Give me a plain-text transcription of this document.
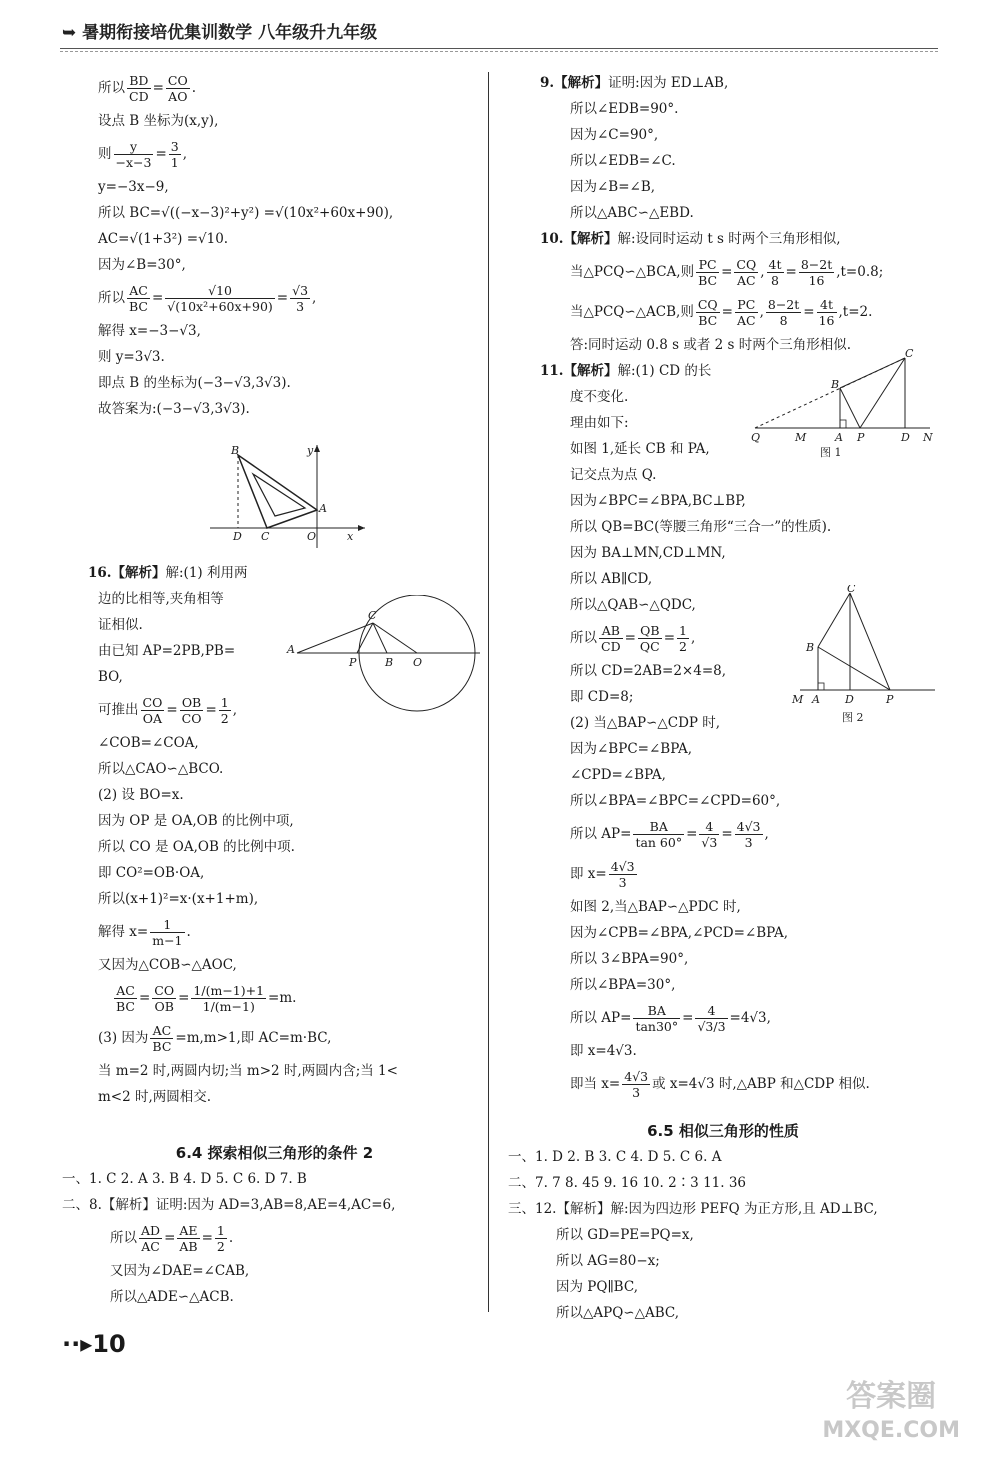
➥ 暑期衔接培优集训数学 八年级升九年级

所以 $\frac{BD}{CD} = \frac{CO}{AO}$ .

设点 B 坐标为(x,y),

则 $\frac{y}{-x-3} = \frac{3}{1}$ ,

y=−3x−9,

所以 BC=√((−x−3)²+y²) =√(10x²+60x+90),

AC=√(1+3²) =√10.

因为∠B=30°,

所以 $\frac{AC}{BC} = \frac{√10}{\text{√(10x²+60x+90)}} = \frac{√3}{3}$ ,

解得 x=−3−√3,

则 y=3√3.

即点 B 的坐标为(−3−√3,3√3).

故答案为:(−3−√3,3√3).

B	y
D C
A
O	x

16.【解析】解:(1) 利用两

边的比相等,夹角相等

证相似.

由已知 AP=2PB,PB=

BO,

可推出 $\frac{CO}{OA} = \frac{OB}{CO} = \frac{1}{2}$ ,

∠COB=∠COA,

所以△CAO∽△BCO.

(2) 设 BO=x.

因为 OP 是 OA,OB 的比例中项,

所以 CO 是 OA,OB 的比例中项.

即 CO²=OB·OA,

所以(x+1)²=x·(x+1+m),

解得 $x= \frac{1}{m-1}$ .

又因为△COB∽△AOC,

$\frac{AC}{BC} = \frac{CO}{OB} = \frac{1/(m-1)+1}{1/(m-1)} =m$.

(3) 因为 $\frac{AC}{BC} =m,m>1$,即 AC=m·BC,

当 m=2 时,两圆内切;当 m>2 时,两圆内含;当 1<

m<2 时,两圆相交.

A
C
P	B O

6.4 探索相似三角形的条件 2

一、1. C 2. A 3. B 4. D 5. C 6. D 7. B

二、8.【解析】证明:因为 AD=3,AB=8,AE=4,AC=6,

所以 $\frac{AD}{AC} = \frac{AE}{AB} = \frac{1}{2}$ .

又因为∠DAE=∠CAB,

所以△ADE∽△ACB.

9.【解析】证明:因为 ED⊥AB,

所以∠EDB=90°.

因为∠C=90°,

所以∠EDB=∠C.

因为∠B=∠B,

所以△ABC∽△EBD.

10.【解析】解:设同时运动 t s 时两个三角形相似,

当△PCQ∽△BCA,则 $\frac{PC}{BC} = \frac{CQ}{AC}$ , $\frac{4t}{8} = \frac{8-2t}{16} ,t=0.8$;

当△PCQ∽△ACB,则 $\frac{CQ}{BC} = \frac{PC}{AC}$ , $\frac{8-2t}{8} = \frac{4t}{16} ,t=2$.

答:同时运动 0.8 s 或者 2 s 时两个三角形相似.

11.【解析】解:(1) CD 的长

度不变化.

理由如下:

如图 1,延长 CB 和 PA,

记交点为点 Q.

因为∠BPC=∠BPA,BC⊥BP,

所以 QB=BC(等腰三角形“三合一”的性质).

因为 BA⊥MN,CD⊥MN,

所以 AB∥CD,

所以△QAB∽△QDC,

所以 $\frac{AB}{CD} = \frac{QB}{QC} = \frac{1}{2}$ ,

所以 CD=2AB=2×4=8,

即 CD=8;

(2) 当△BAP∽△CDP 时,

因为∠BPC=∠BPA,

∠CPD=∠BPA,

所以∠BPA=∠BPC=∠CPD=60°,

所以 $AP= \frac{BA}{\tan 60^\circ} = \frac{4}{√3} = \frac{4√3}{3}$ ,

即 $x= \frac{4√3}{3}$

如图 2,当△BAP∽△PDC 时,

因为∠CPB=∠BPA,∠PCD=∠BPA,

所以 3∠BPA=90°,

所以∠BPA=30°,

所以 $AP= \frac{BA}{\tan 30^\circ} = \frac{4}{√3/3} =4√3$,

即 x=4√3.

即当 $x= \frac{4√3}{3}$ 或 x=4√3 时,△ABP 和△CDP 相似.

C
B
Q	M	A P	D N
图 1
C
B
M A D	P
图 2

6.5 相似三角形的性质

一、1. D 2. B 3. C 4. D 5. C 6. A

二、7. 7 8. 45 9. 16 10. 2∶3 11. 36

三、12.【解析】解:因为四边形 PEFQ 为正方形,且 AD⊥BC,

所以 GD=PE=PQ=x,

所以 AG=80−x;

因为 PQ∥BC,

所以△APQ∽△ABC,

··▸10
答案圈
MXQE.COM
